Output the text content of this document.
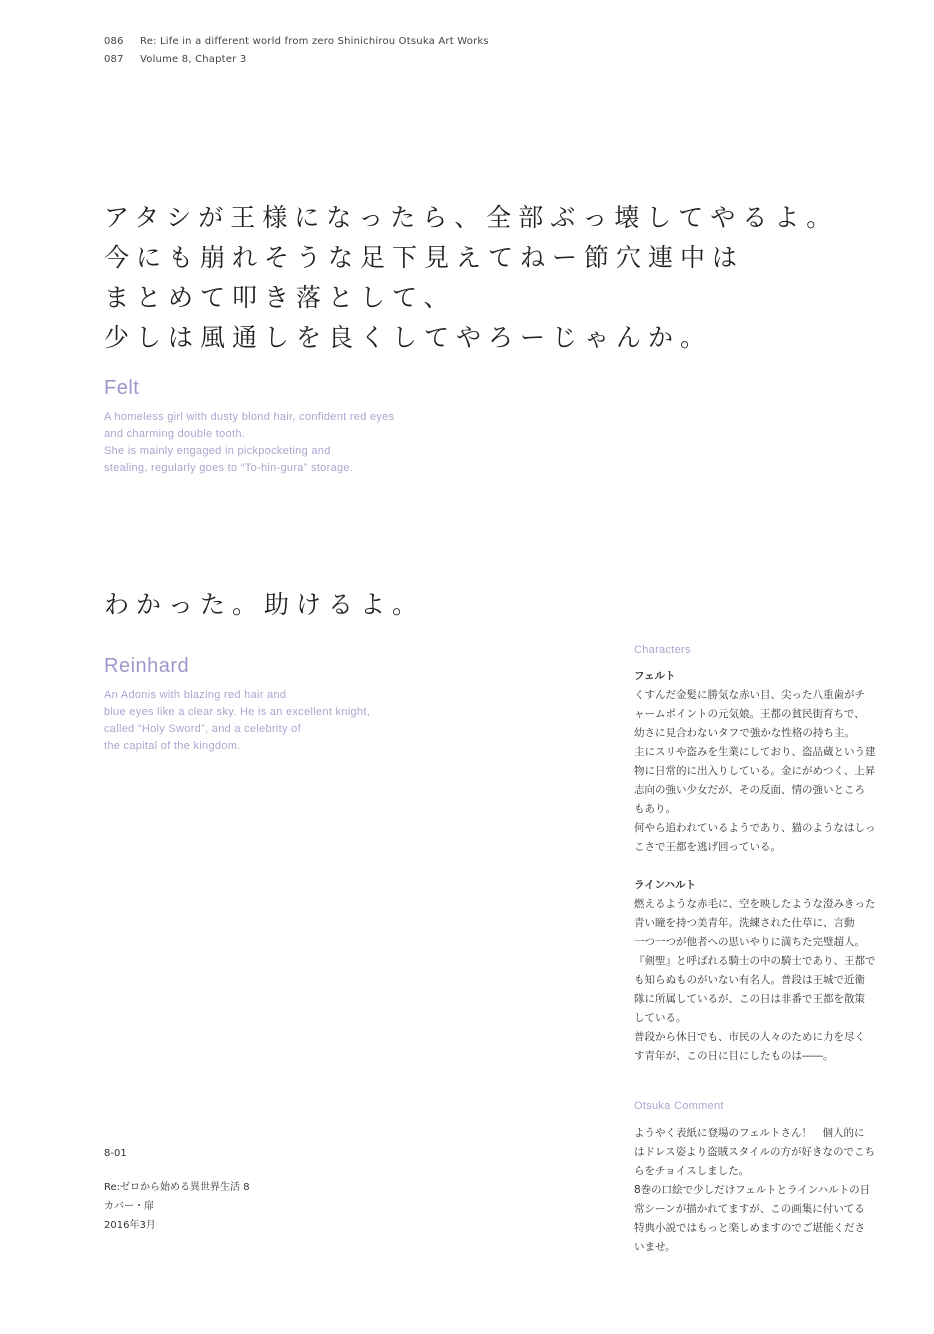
086 Re: Life in a different world from zero Shinichirou Otsuka Art Works
087 Volume 8, Chapter 3
アタシが王様になったら、全部ぶっ壊してやるよ。
今にも崩れそうな足下見えてねー節穴連中は
まとめて叩き落として、
少しは風通しを良くしてやろーじゃんか。
Felt
A homeless girl with dusty blond hair, confident red eyes
and charming double tooth.
She is mainly engaged in pickpocketing and
stealing, regularly goes to “To-hin-gura” storage.
わかった。助けるよ。
Reinhard
An Adonis with blazing red hair and
blue eyes like a clear sky. He is an excellent knight,
called “Holy Sword”, and a celebrity of
the capital of the kingdom.
Characters
フェルト
くすんだ金髪に勝気な赤い目、尖った八重歯がチ
ャームポイントの元気娘。王都の貧民街育ちで、
幼さに見合わないタフで強かな性格の持ち主。
主にスリや盗みを生業にしており、盗品蔵という建
物に日常的に出入りしている。金にがめつく、上昇
志向の強い少女だが、その反面、情の強いところ
もあり。
何やら追われているようであり、猫のようなはしっ
こさで王都を逃げ回っている。
ラインハルト
燃えるような赤毛に、空を映したような澄みきった
青い瞳を持つ美青年。洗練された仕草に、言動
一つ一つが他者への思いやりに満ちた完璧超人。
『剣聖』と呼ばれる騎士の中の騎士であり、王都で
も知らぬものがいない有名人。普段は王城で近衛
隊に所属しているが、この日は非番で王都を散策
している。
普段から休日でも、市民の人々のために力を尽く
す青年が、この日に目にしたものは――。
Otsuka Comment
ようやく表紙に登場のフェルトさん！　個人的に
はドレス姿より盗賊スタイルの方が好きなのでこち
らをチョイスしました。
8巻の口絵で少しだけフェルトとラインハルトの日
常シーンが描かれてますが、この画集に付いてる
特典小説ではもっと楽しめますのでご堪能くださ
いませ。
8-01
Re:ゼロから始める異世界生活 8
カバー・扉
2016年3月
